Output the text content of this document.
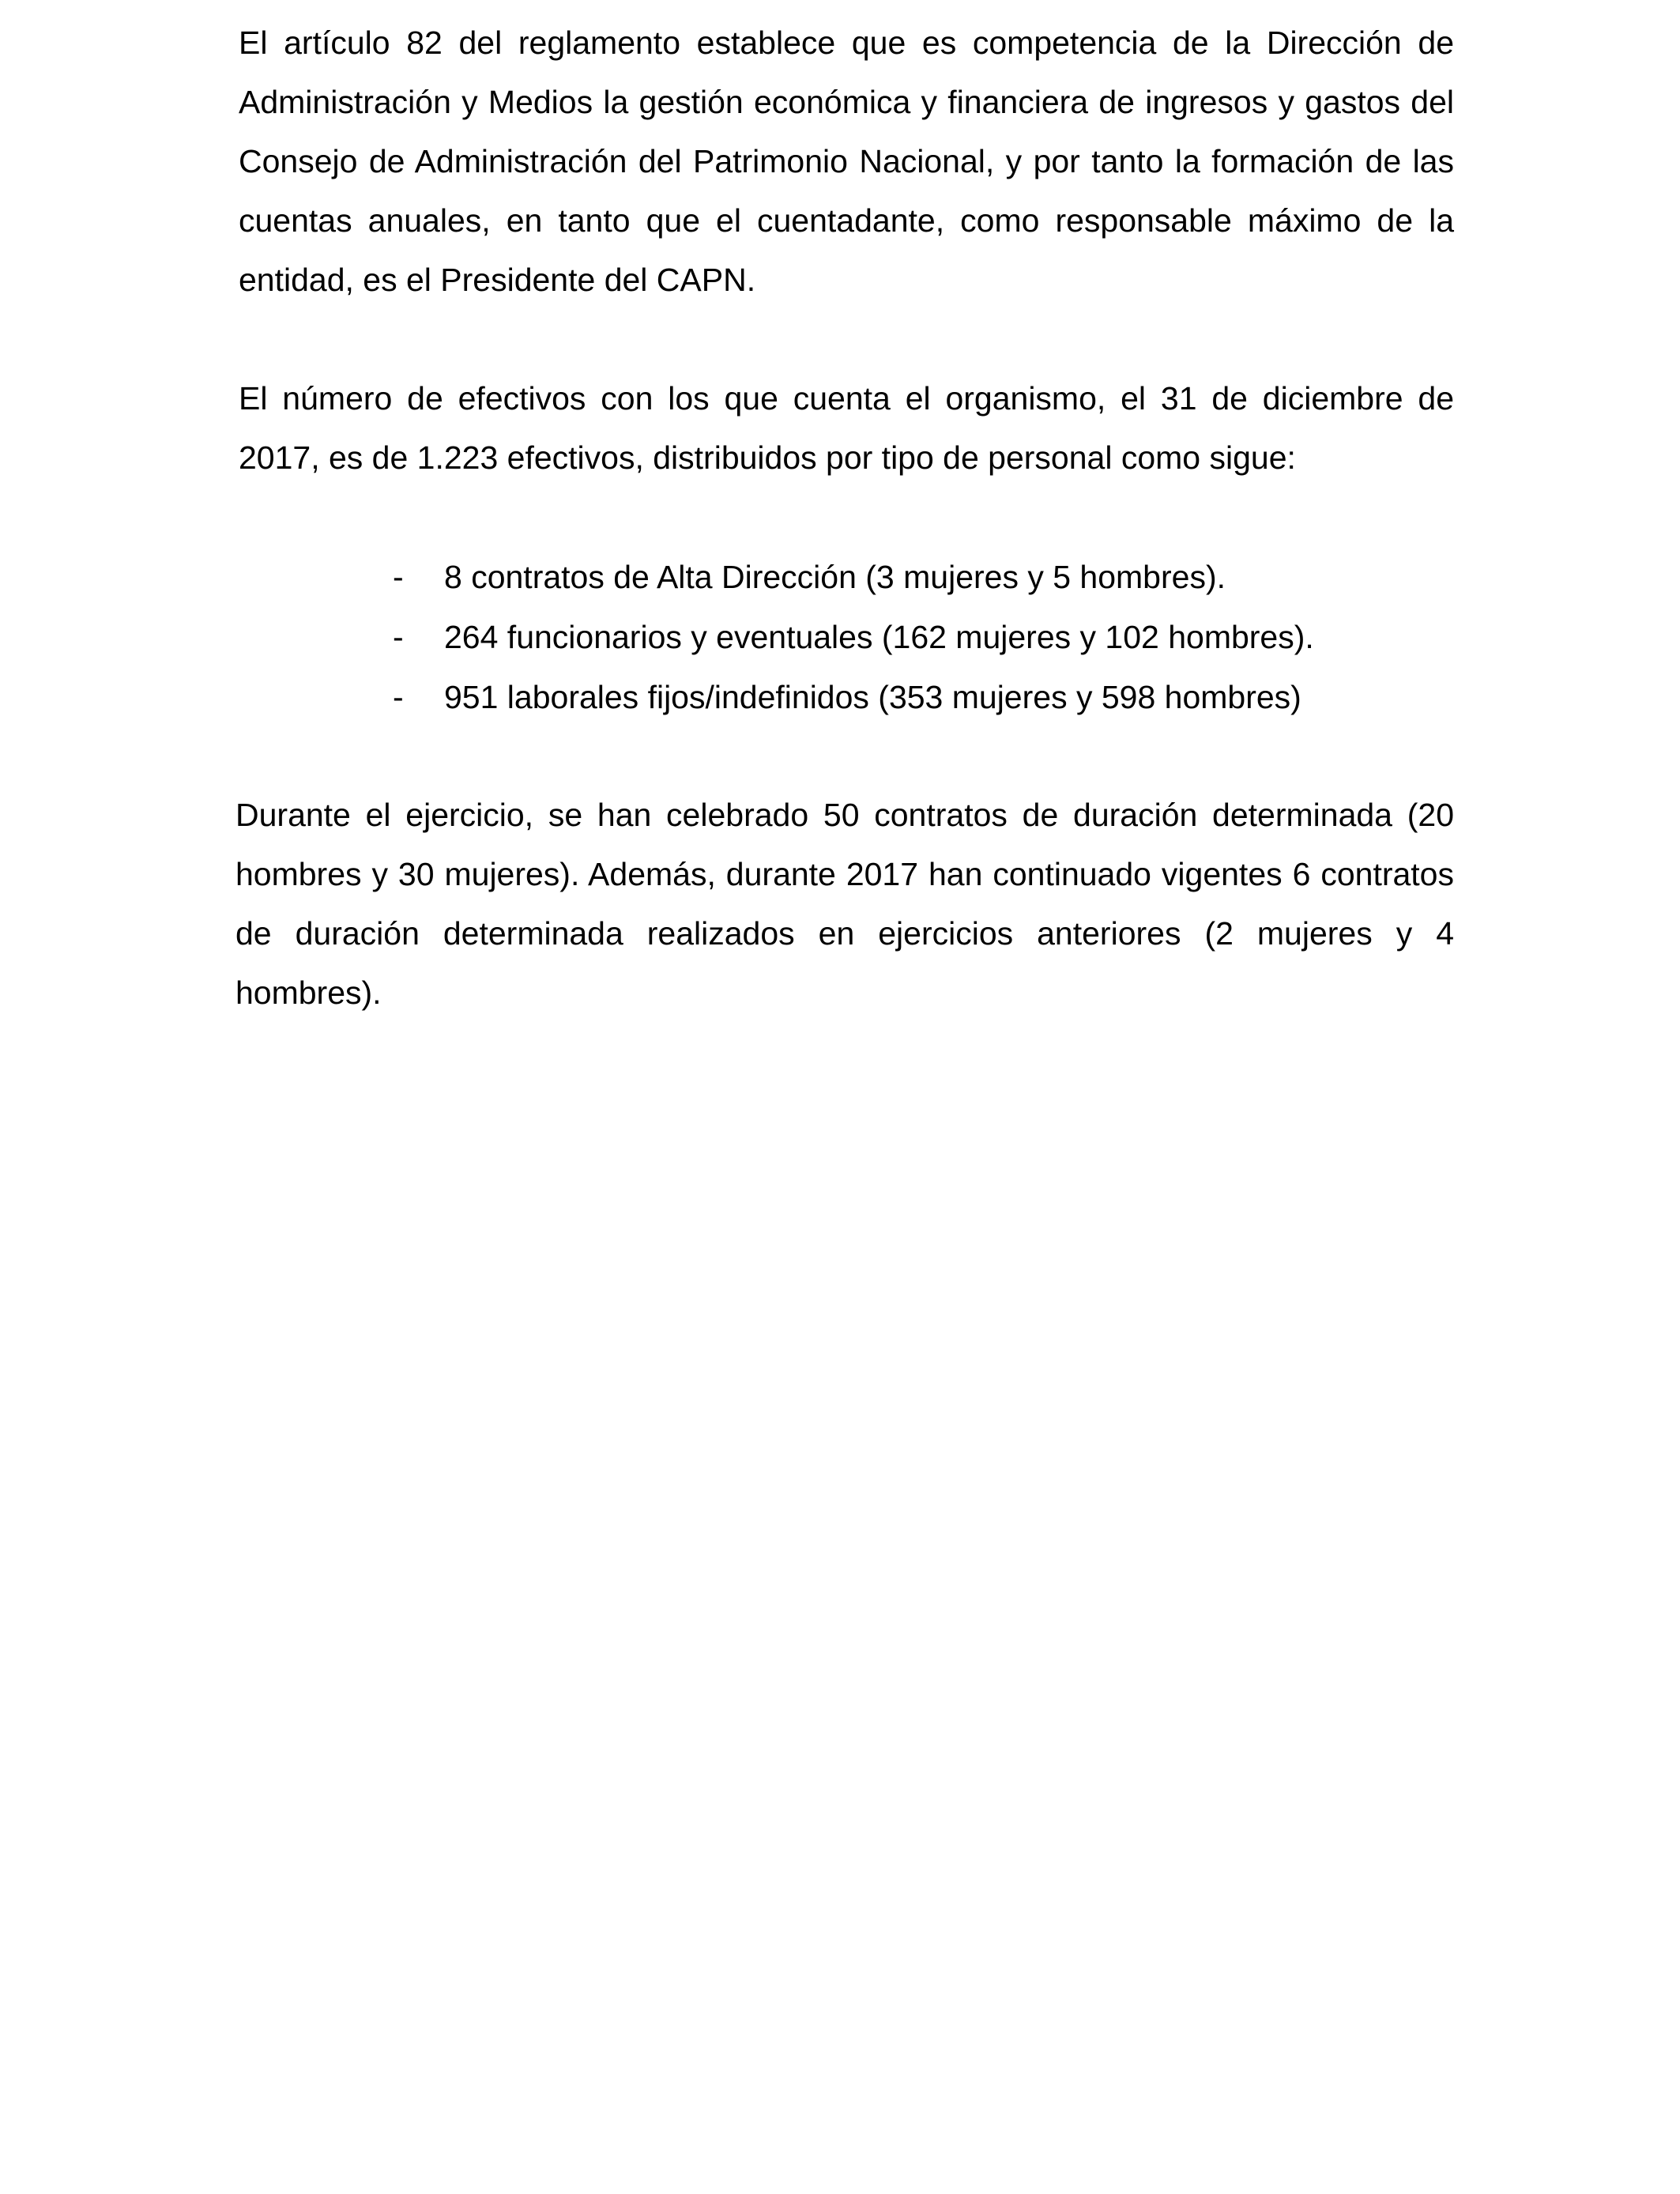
El artículo 82 del reglamento establece que es competencia de la Dirección de Administración y Medios la gestión económica y financiera de ingresos y gastos del Consejo de Administración del Patrimonio Nacional, y por tanto la formación de las cuentas anuales, en tanto que el cuentadante, como responsable máximo de la entidad, es el Presidente del CAPN.

El número de efectivos con los que cuenta el organismo, el 31 de diciembre de 2017, es de 1.223 efectivos, distribuidos por tipo de personal como sigue:

- 8 contratos de Alta Dirección (3 mujeres y 5 hombres).
- 264 funcionarios y eventuales (162 mujeres y 102 hombres).
- 951 laborales fijos/indefinidos (353 mujeres y 598 hombres)

Durante el ejercicio, se han celebrado 50 contratos de duración determinada (20 hombres y 30 mujeres). Además, durante 2017 han continuado vigentes 6 contratos de duración determinada realizados en ejercicios anteriores (2 mujeres y 4 hombres).
